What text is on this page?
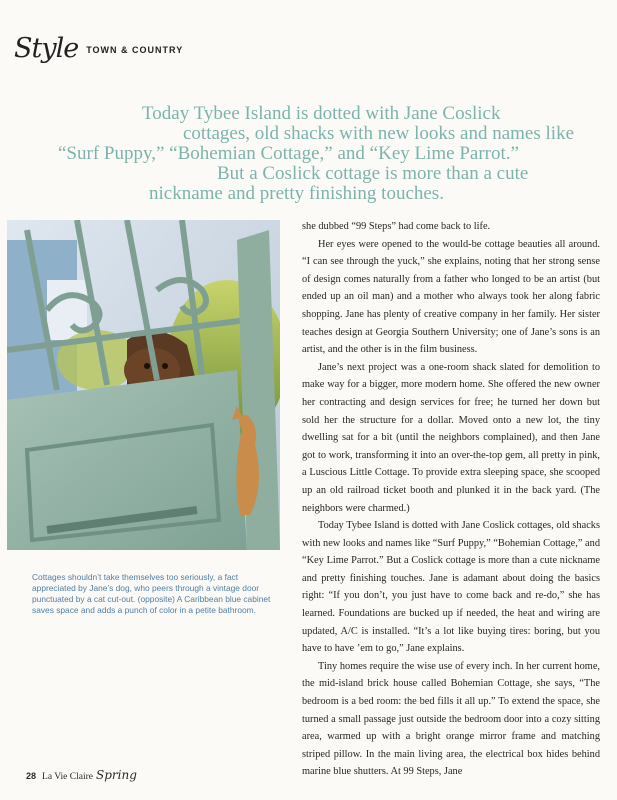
Style TOWN & COUNTRY
Today Tybee Island is dotted with Jane Coslick
cottages, old shacks with new looks and names like
“Surf Puppy,” “Bohemian Cottage,” and “Key Lime Parrot.”
But a Coslick cottage is more than a cute
nickname and pretty finishing touches.
Cottages shouldn’t take themselves too seriously, a fact appreciated by Jane’s dog, who peers through a vintage door punctuated by a cat cut-out. (opposite) A Caribbean blue cabinet saves space and adds a punch of color in a petite bathroom.

she dubbed “99 Steps” had come back to life.

Her eyes were opened to the would-be cottage beauties all around. “I can see through the yuck,” she explains, noting that her strong sense of design comes naturally from a father who longed to be an artist (but ended up an oil man) and a mother who always took her along fabric shopping. Jane has plenty of creative company in her family. Her sister teaches design at Georgia Southern University; one of Jane’s sons is an artist, and the other is in the film business.

Jane’s next project was a one-room shack slated for demolition to make way for a bigger, more modern home. She offered the new owner her contracting and design services for free; he turned her down but sold her the structure for a dollar. Moved onto a new lot, the tiny dwelling sat for a bit (until the neighbors complained), and then Jane got to work, transforming it into an over-the-top gem, all pretty in pink, a Luscious Little Cottage. To provide extra sleeping space, she scooped up an old railroad ticket booth and plunked it in the back yard. (The neighbors were charmed.)

Today Tybee Island is dotted with Jane Coslick cottages, old shacks with new looks and names like “Surf Puppy,” “Bohemian Cottage,” and “Key Lime Parrot.” But a Coslick cottage is more than a cute nickname and pretty finishing touches. Jane is adamant about doing the basics right: “If you don’t, you just have to come back and re-do,” she has learned. Foundations are bucked up if needed, the heat and wiring are updated, A/C is installed. “It’s a lot like buying tires: boring, but you have to have ’em to go,” Jane explains.

Tiny homes require the wise use of every inch. In her current home, the mid-island brick house called Bohemian Cottage, she says, “The bedroom is a bed room: the bed fills it all up.” To extend the space, she turned a small passage just outside the bedroom door into a cozy sitting area, warmed up with a bright orange mirror frame and matching striped pillow. In the main living area, the electrical box hides behind marine blue shutters. At 99 Steps, Jane

28 La Vie Claire Spring
